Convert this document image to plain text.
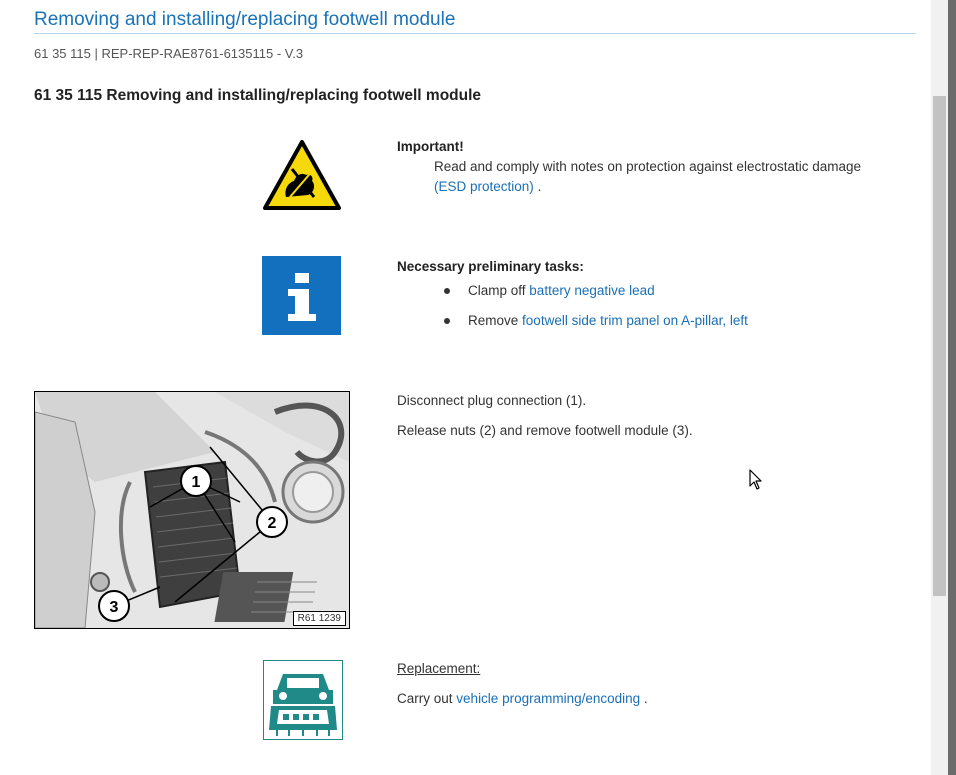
Removing and installing/replacing footwell module
61 35 115 | REP-REP-RAE8761-6135115 - V.3
61 35 115 Removing and installing/replacing footwell module
Important!
Read and comply with notes on protection against electrostatic damage
(ESD protection) .
Necessary preliminary tasks:
Clamp off battery negative lead
Remove footwell side trim panel on A-pillar, left
1
2
3
R61 1239
Disconnect plug connection (1).
Release nuts (2) and remove footwell module (3).
Replacement:
Carry out vehicle programming/encoding .
